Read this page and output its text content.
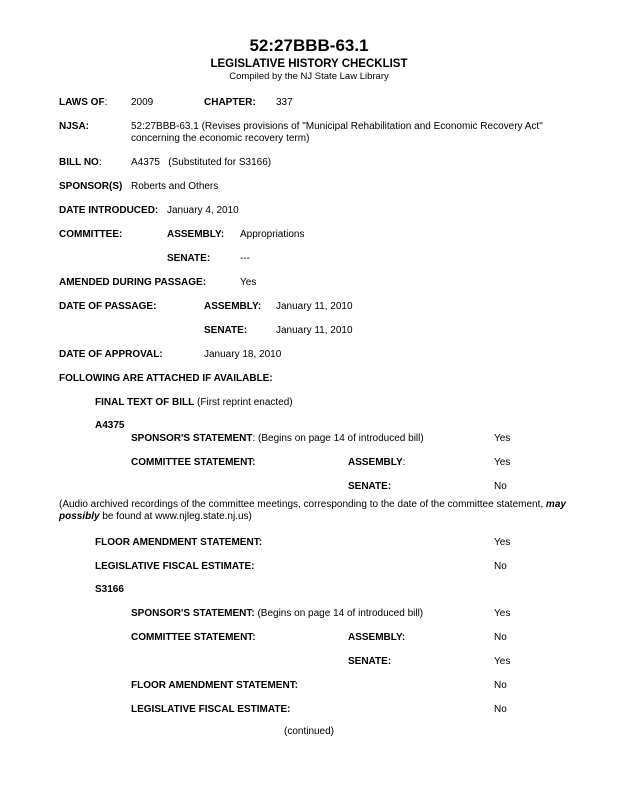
52:27BBB-63.1
LEGISLATIVE HISTORY CHECKLIST
Compiled by the NJ State Law Library
LAWS OF: 2009	CHAPTER: 337
NJSA:	52:27BBB-63.1 (Revises provisions of "Municipal Rehabilitation and Economic Recovery Act" concerning the economic recovery term)
BILL NO:	A4375 (Substituted for S3166)
SPONSOR(S) Roberts and Others
DATE INTRODUCED: January 4, 2010
COMMITTEE:	ASSEMBLY: Appropriations
SENATE:	---
AMENDED DURING PASSAGE:	Yes
DATE OF PASSAGE:	ASSEMBLY: January 11, 2010
SENATE:	January 11, 2010
DATE OF APPROVAL:	January 18, 2010
FOLLOWING ARE ATTACHED IF AVAILABLE:
FINAL TEXT OF BILL (First reprint enacted)
A4375
SPONSOR'S STATEMENT: (Begins on page 14 of introduced bill)	Yes
COMMITTEE STATEMENT:	ASSEMBLY:	Yes
SENATE:	No
(Audio archived recordings of the committee meetings, corresponding to the date of the committee statement, may possibly be found at www.njleg.state.nj.us)
FLOOR AMENDMENT STATEMENT:	Yes
LEGISLATIVE FISCAL ESTIMATE:	No
S3166
SPONSOR'S STATEMENT: (Begins on page 14 of introduced bill)	Yes
COMMITTEE STATEMENT:	ASSEMBLY:	No
SENATE:	Yes
FLOOR AMENDMENT STATEMENT:	No
LEGISLATIVE FISCAL ESTIMATE:	No
(continued)
